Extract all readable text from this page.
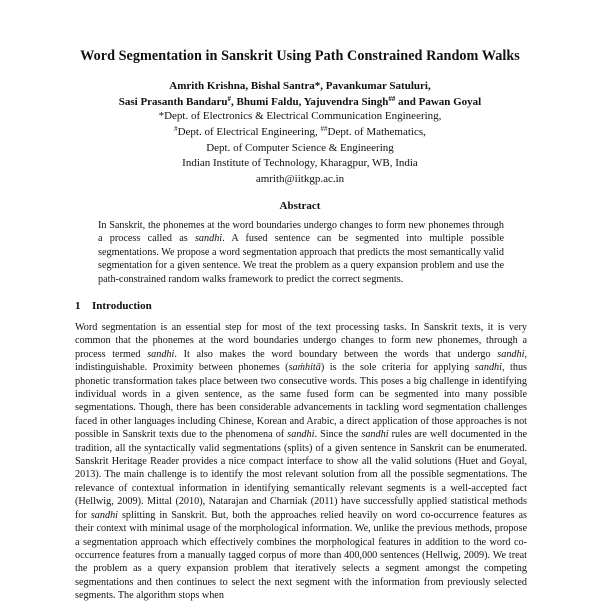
Word Segmentation in Sanskrit Using Path Constrained Random Walks
Amrith Krishna, Bishal Santra*, Pavankumar Satuluri,
Sasi Prasanth Bandaru#, Bhumi Faldu, Yajuvendra Singh## and Pawan Goyal
*Dept. of Electronics & Electrical Communication Engineering,
#Dept. of Electrical Engineering, ##Dept. of Mathematics,
Dept. of Computer Science & Engineering
Indian Institute of Technology, Kharagpur, WB, India
amrith@iitkgp.ac.in
Abstract

In Sanskrit, the phonemes at the word boundaries undergo changes to form new phonemes through a process called as sandhi. A fused sentence can be segmented into multiple possible segmentations. We propose a word segmentation approach that predicts the most semantically valid segmentation for a given sentence. We treat the problem as a query expansion problem and use the path-constrained random walks framework to predict the correct segments.

1 Introduction

Word segmentation is an essential step for most of the text processing tasks. In Sanskrit texts, it is very common that the phonemes at the word boundaries undergo changes to form new phonemes, through a process termed sandhi. It also makes the word boundary between the words that undergo sandhi, indistinguishable. Proximity between phonemes (saṁhitā) is the sole criteria for applying sandhi, thus phonetic transformation takes place between two consecutive words. This poses a big challenge in identifying individual words in a given sentence, as the same fused form can be segmented into many possible segmentations. Though, there has been considerable advancements in tackling word segmentation challenges faced in other languages including Chinese, Korean and Arabic, a direct application of those approaches is not possible in Sanskrit texts due to the phenomena of sandhi. Since the sandhi rules are well documented in the tradition, all the syntactically valid segmentations (splits) of a given sentence in Sanskrit can be enumerated. Sanskrit Heritage Reader provides a nice compact interface to show all the valid solutions (Huet and Goyal, 2013). The main challenge is to identify the most relevant solution from all the possible segmentations. The relevance of contextual information in identifying semantically relevant segments is a well-accepted fact (Hellwig, 2009). Mittal (2010), Natarajan and Charniak (2011) have successfully applied statistical methods for sandhi splitting in Sanskrit. But, both the approaches relied heavily on word co-occurrence features as their context with minimal usage of the morphological information. We, unlike the previous methods, propose a segmentation approach which effectively combines the morphological features in addition to the word co-occurrence features from a manually tagged corpus of more than 400,000 sentences (Hellwig, 2009). We treat the problem as a query expansion problem that iteratively selects a segment amongst the competing segmentations and then continues to select the next segment with the information from previously selected segments. The algorithm stops when
